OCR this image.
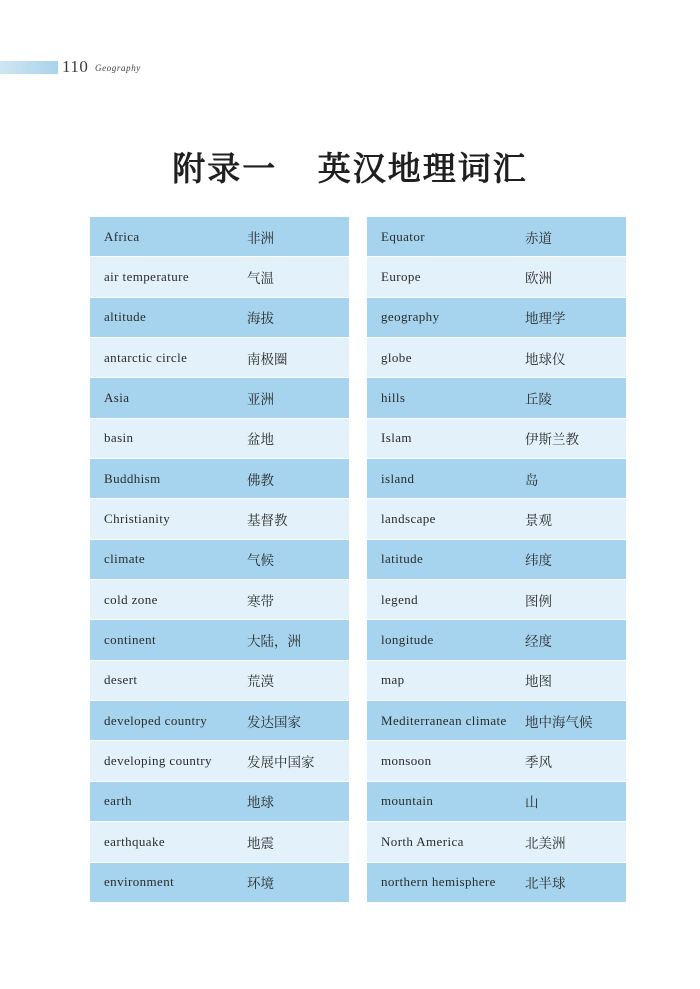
110 Geography
附录一   英汉地理词汇
Africa	非洲
air temperature	气温
altitude	海拔
antarctic circle	南极圈
Asia	亚洲
basin	盆地
Buddhism	佛教
Christianity	基督教
climate	气候
cold zone	寒带
continent	大陆，洲
desert	荒漠
developed country	发达国家
developing country	发展中国家
earth	地球
earthquake	地震
environment	环境
Equator	赤道
Europe	欧洲
geography	地理学
globe	地球仪
hills	丘陵
Islam	伊斯兰教
island	岛
landscape	景观
latitude	纬度
legend	图例
longitude	经度
map	地图
Mediterranean climate	地中海气候
monsoon	季风
mountain	山
North America	北美洲
northern hemisphere	北半球
